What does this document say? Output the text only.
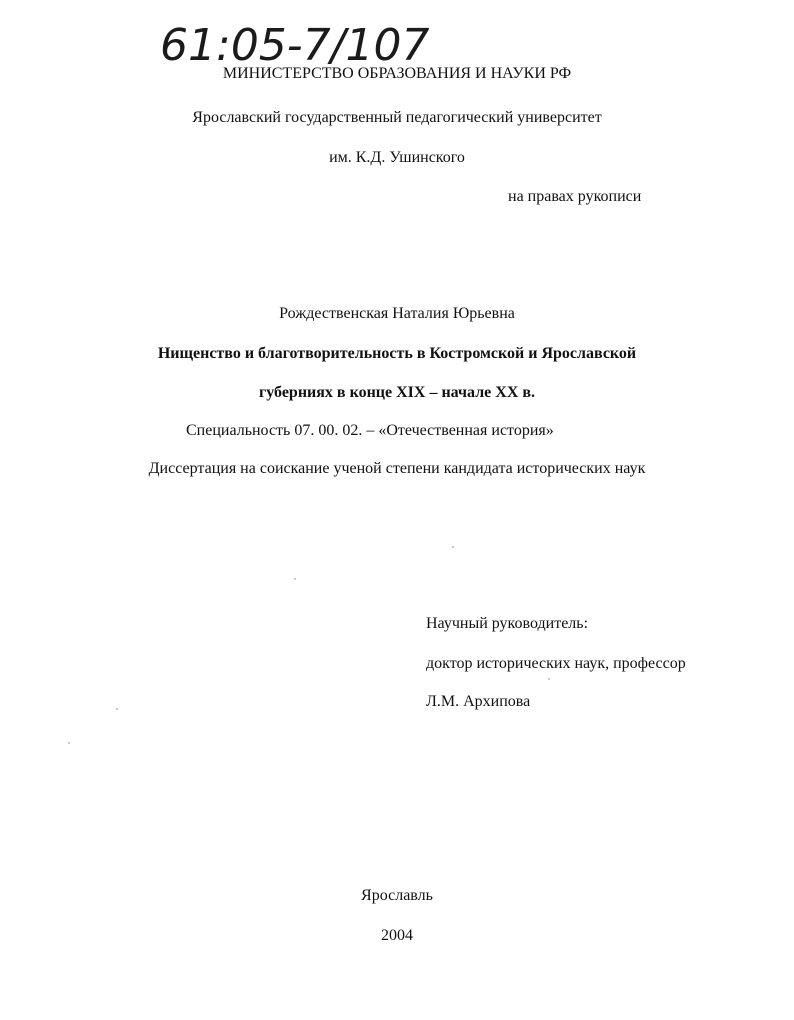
61:05-7/107
МИНИСТЕРСТВО ОБРАЗОВАНИЯ И НАУКИ РФ
Ярославский государственный педагогический университет
им. К.Д. Ушинского
на правах рукописи
Рождественская Наталия Юрьевна
Нищенство и благотворительность в Костромской и Ярославской
губерниях в конце XIX – начале XX в.
Специальность 07. 00. 02. – «Отечественная история»
Диссертация на соискание ученой степени кандидата исторических наук
Научный руководитель:
доктор исторических наук, профессор
Л.М. Архипова
Ярославль
2004
